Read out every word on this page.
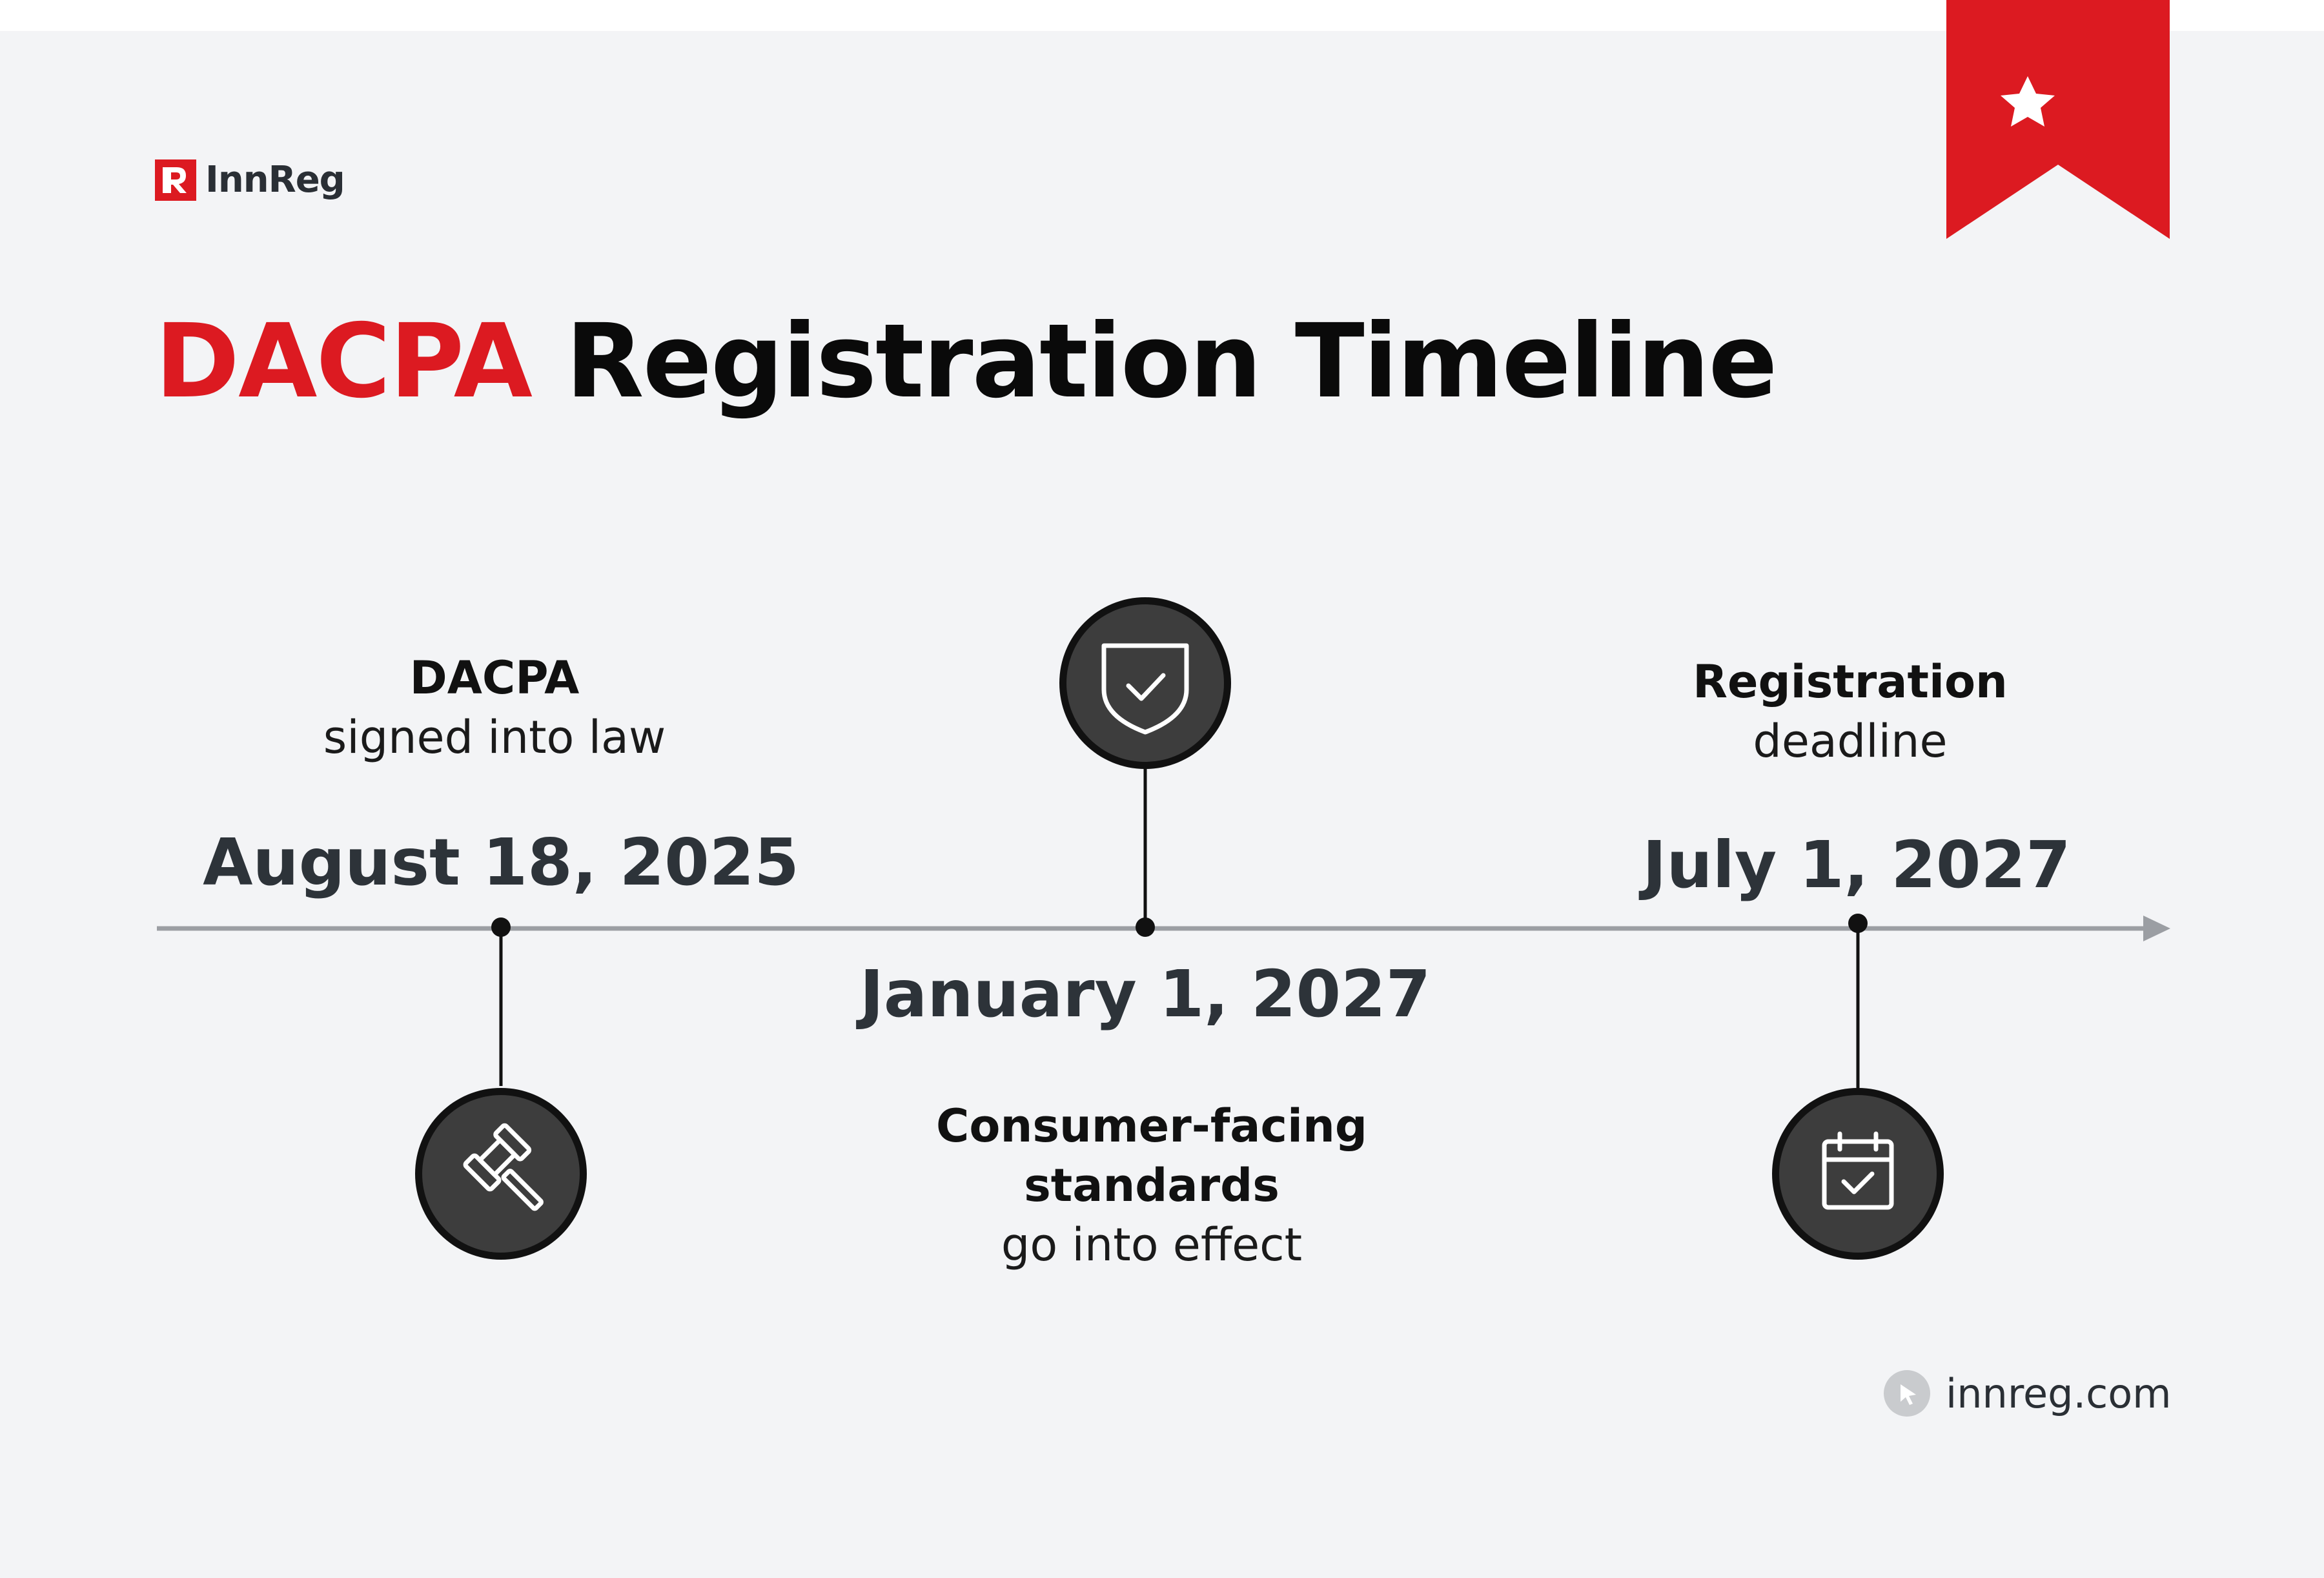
InnReg
DACPA Registration Timeline
DACPA
signed into law
August 18, 2025
January 1, 2027
Consumer-facing standards
go into effect
Registration
deadline
July 1, 2027
innreg.com
